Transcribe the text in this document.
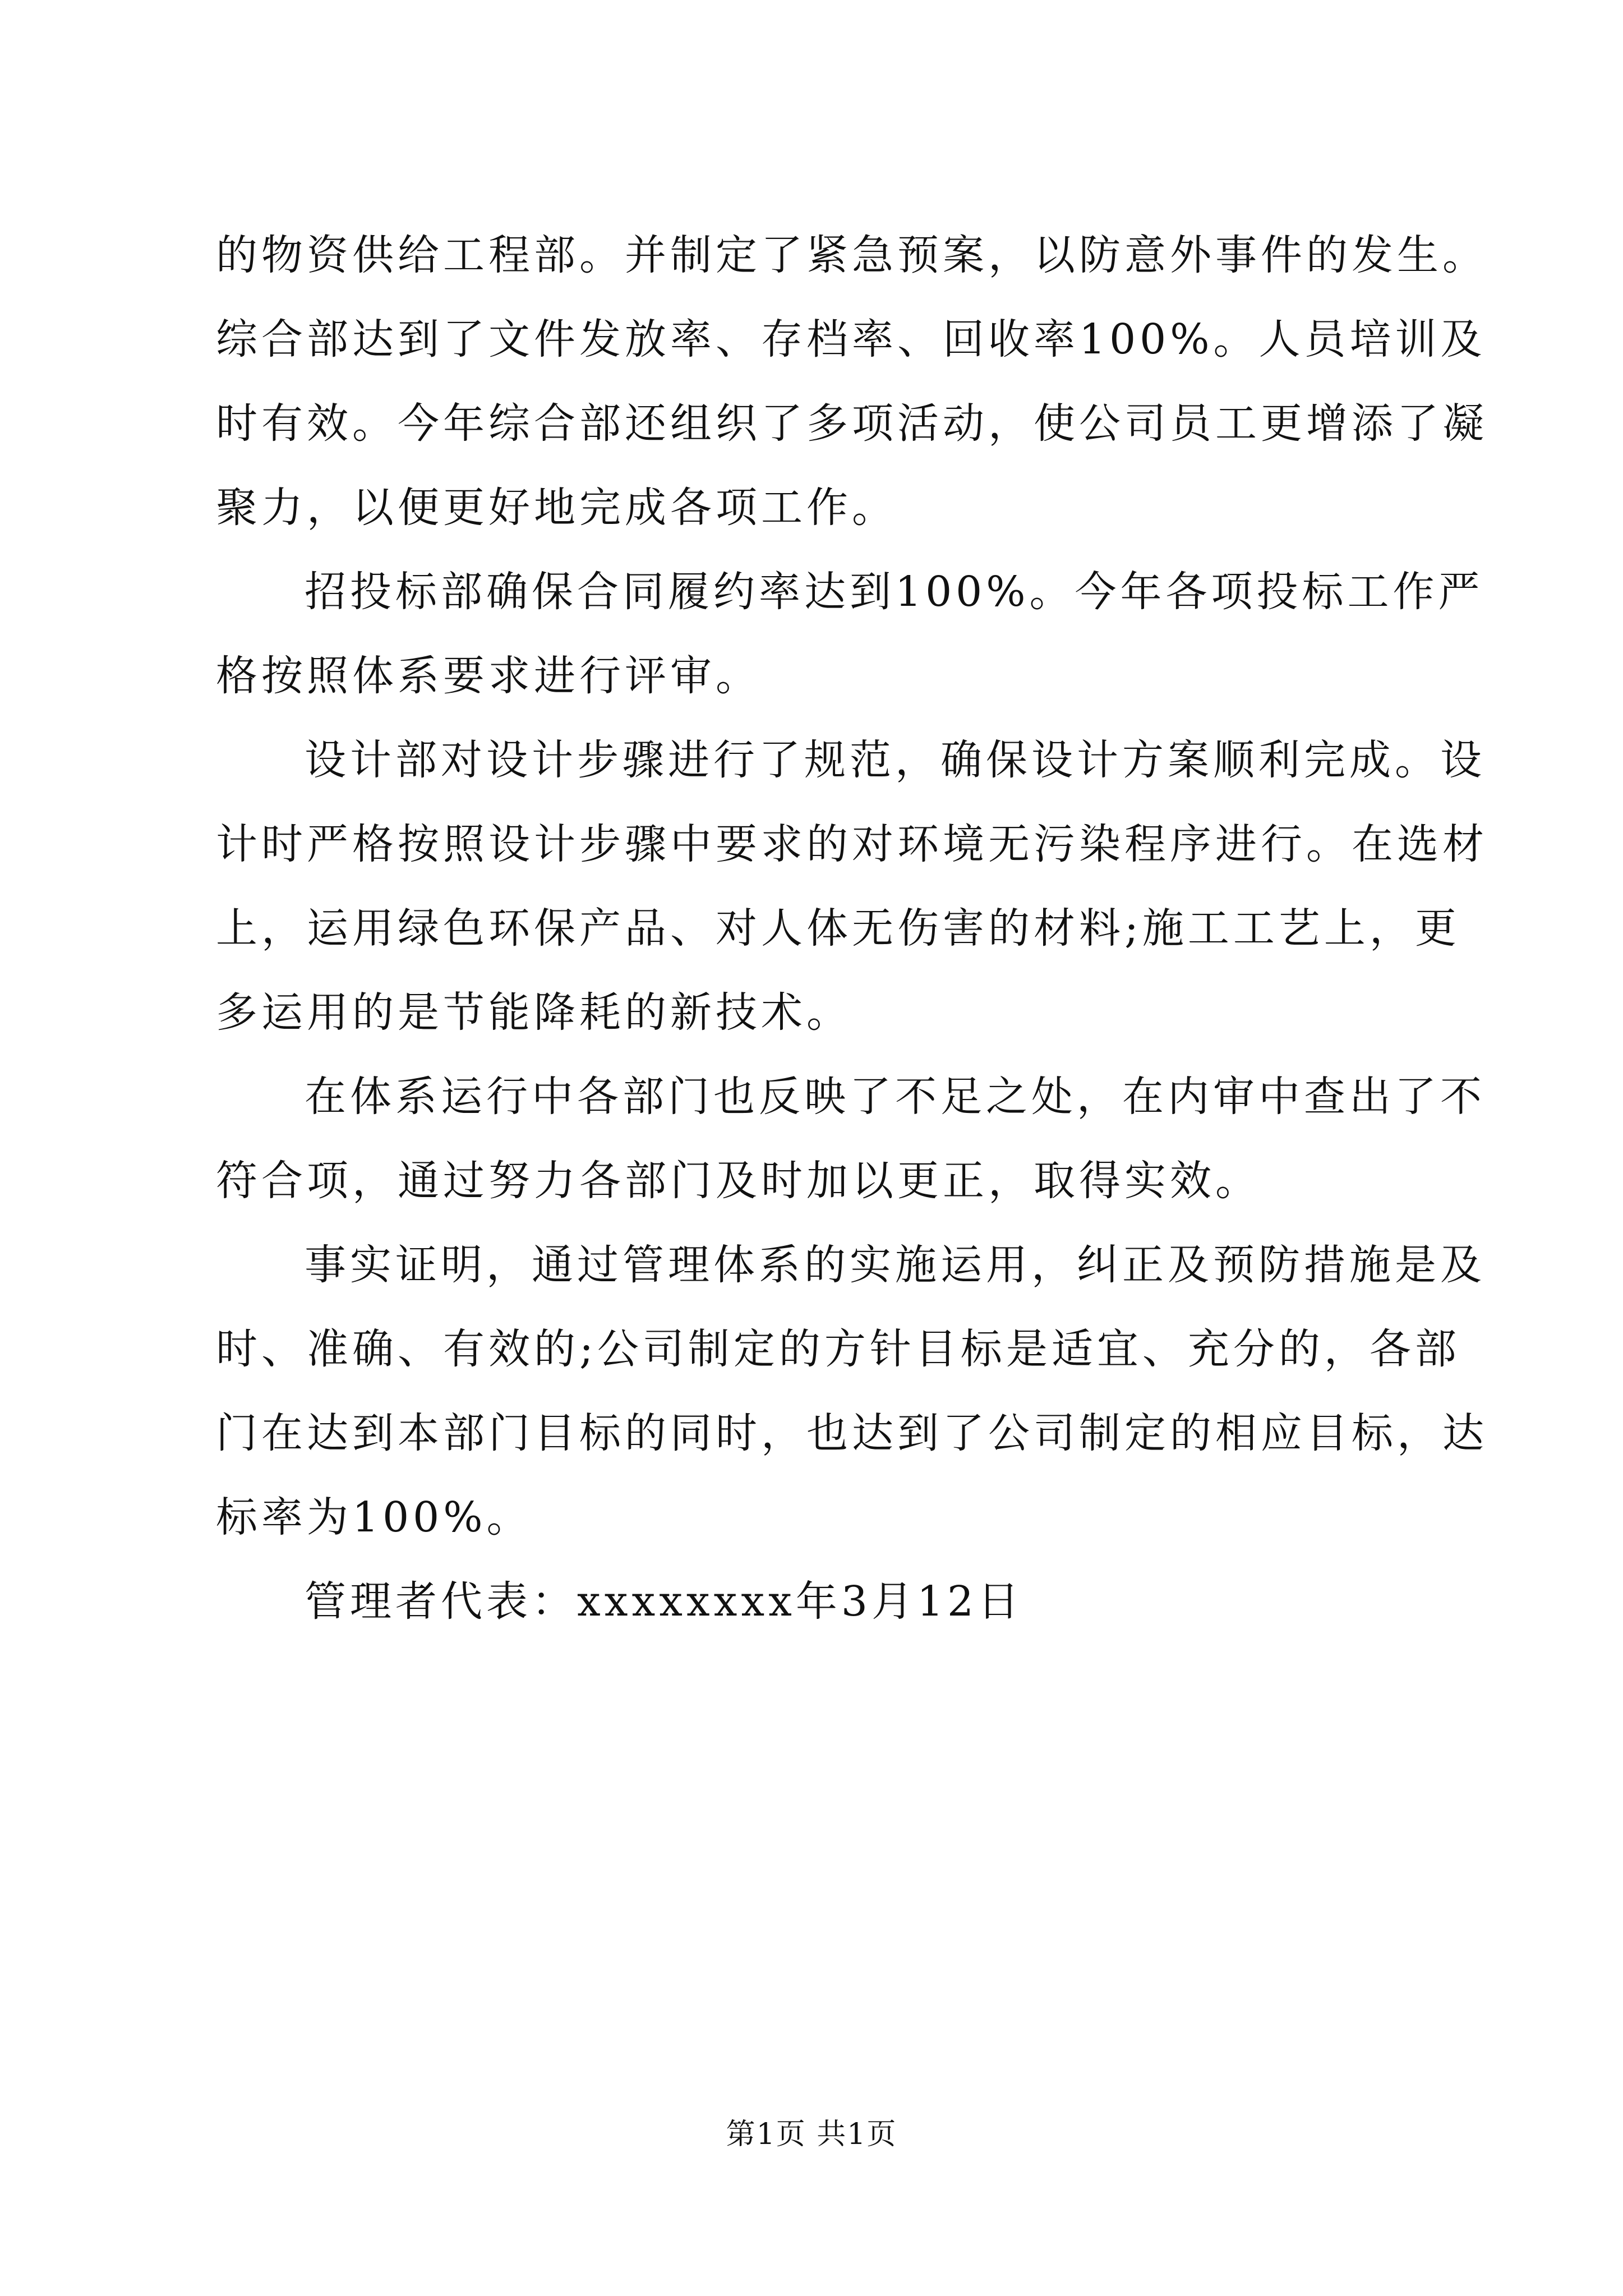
的物资供给工程部。并制定了紧急预案，以防意外事件的发生。
综合部达到了文件发放率、存档率、回收率100%。人员培训及
时有效。今年综合部还组织了多项活动，使公司员工更增添了凝
聚力，以便更好地完成各项工作。
招投标部确保合同履约率达到100%。今年各项投标工作严
格按照体系要求进行评审。
设计部对设计步骤进行了规范，确保设计方案顺利完成。设
计时严格按照设计步骤中要求的对环境无污染程序进行。在选材
上，运用绿色环保产品、对人体无伤害的材料;施工工艺上，更
多运用的是节能降耗的新技术。
在体系运行中各部门也反映了不足之处，在内审中查出了不
符合项，通过努力各部门及时加以更正，取得实效。
事实证明，通过管理体系的实施运用，纠正及预防措施是及
时、准确、有效的;公司制定的方针目标是适宜、充分的，各部
门在达到本部门目标的同时，也达到了公司制定的相应目标，达
标率为100%。
管理者代表：xxxxxxxx年3月12日
第1页 共1页
